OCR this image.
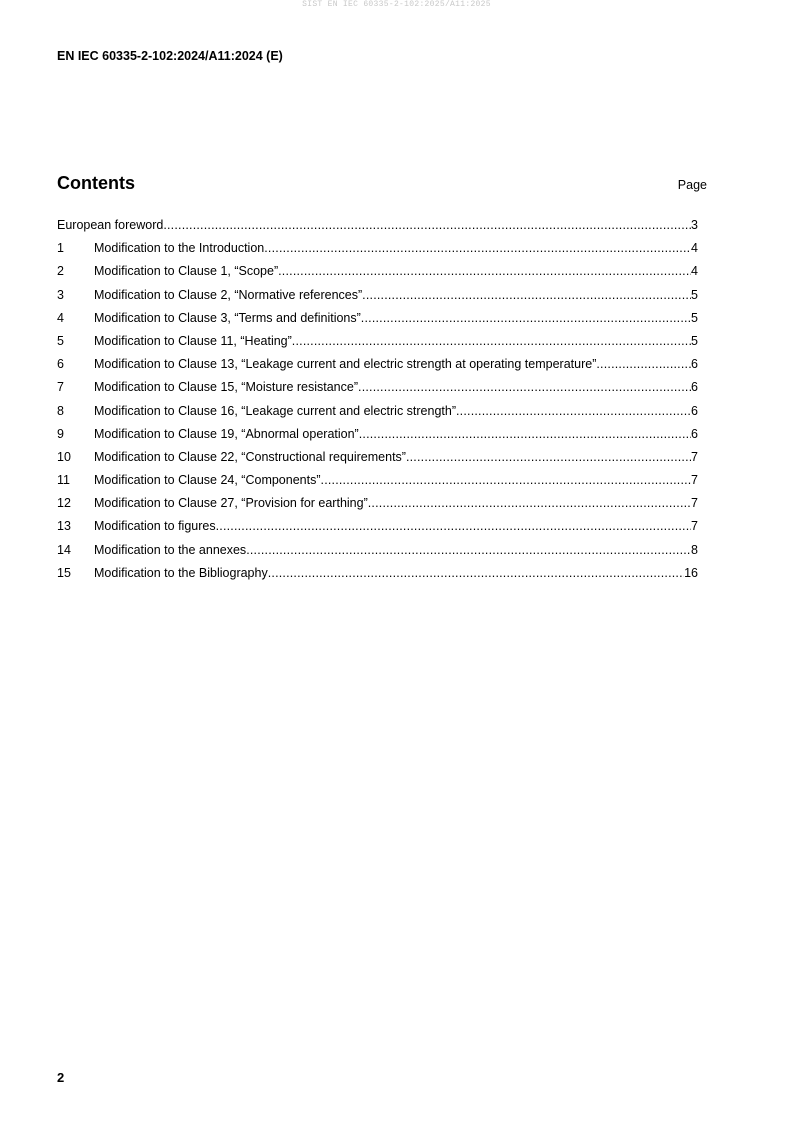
SIST EN IEC 60335-2-102:2025/A11:2025
EN IEC 60335-2-102:2024/A11:2024 (E)
Contents	Page
European foreword .....	3
1	Modification to the Introduction .....	4
2	Modification to Clause 1, “Scope” .....	4
3	Modification to Clause 2, “Normative references” .....	5
4	Modification to Clause 3, “Terms and definitions” .....	5
5	Modification to Clause 11, “Heating” .....	5
6	Modification to Clause 13, “Leakage current and electric strength at operating temperature” .....	6
7	Modification to Clause 15, “Moisture resistance” .....	6
8	Modification to Clause 16, “Leakage current and electric strength” .....	6
9	Modification to Clause 19, “Abnormal operation” .....	6
10	Modification to Clause 22, “Constructional requirements” .....	7
11	Modification to Clause 24, “Components” .....	7
12	Modification to Clause 27, “Provision for earthing” .....	7
13	Modification to figures .....	7
14	Modification to the annexes .....	8
15	Modification to the Bibliography .....	16
2
